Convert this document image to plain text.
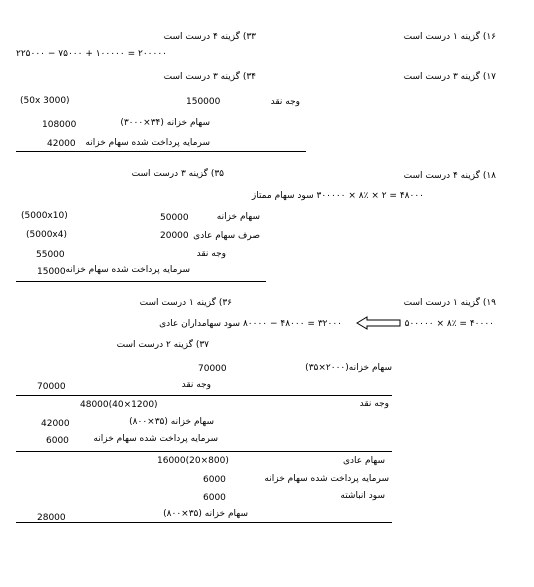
۱۶) گزینه ۱ درست است
۳۳) گزینه ۴ درست است
۲۰۰۰۰۰ = ۱۰۰۰۰۰ + ۷۵۰۰۰ − ۲۲۵۰۰۰
۱۷) گزینه ۳ درست است
۳۴) گزینه ۳ درست است
وجه نقد
150000
(50x 3000)
سهام خزانه (۳۴×۳۰۰۰)
108000
سرمایه پرداخت شده سهام خزانه
42000
۱۸) گزینه ۴ درست است
۴۸۰۰۰ = ۲ × ۸٪ × ۳۰۰۰۰۰ سود سهام ممتاز
۳۵) گزینه ۳ درست است
سهام خزانه
50000
(5000x10)
صرف سهام عادی
20000
(5000x4)
وجه نقد
55000
سرمایه پرداخت شده سهام خزانه
15000
۱۹) گزینه ۱ درست است
۴۰۰۰۰ = ۸٪ × ۵۰۰۰۰۰
۳۶) گزینه ۱ درست است
۳۲۰۰۰ = ۴۸۰۰۰ − ۸۰۰۰۰ سود سهامداران عادی
۳۷) گزینه ۲ درست است
سهام خزانه(۲۰۰۰×۳۵)
70000
وجه نقد
70000
وجه نقد
48000(40×1200)
سهام خزانه (۳۵×۸۰۰)
42000
سرمایه پرداخت شده سهام خزانه
6000
سهام عادی
16000(20×800)
سرمایه پرداخت شده سهام خزانه
6000
سود انباشته
6000
سهام خزانه (۳۵×۸۰۰)
28000
